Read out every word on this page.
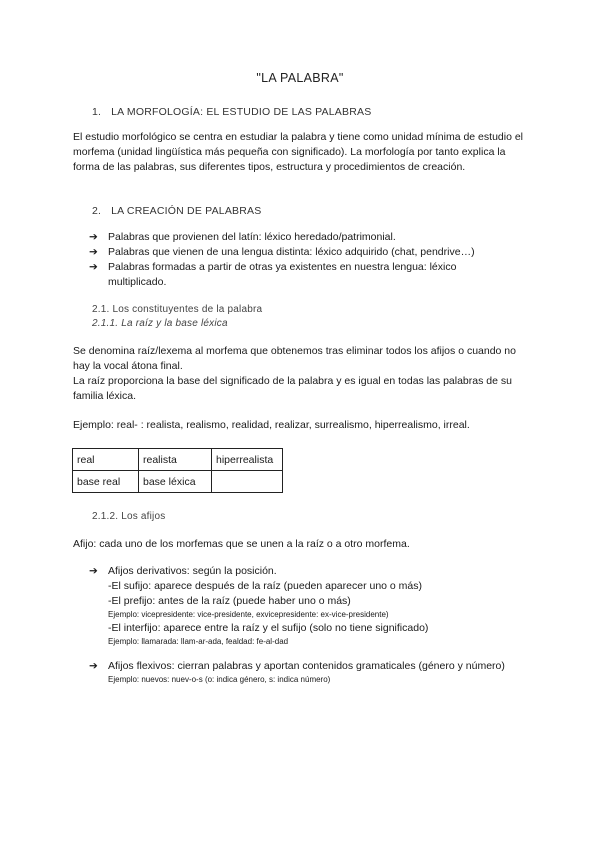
"LA PALABRA"
1. LA MORFOLOGÍA: EL ESTUDIO DE LAS PALABRAS

El estudio morfológico se centra en estudiar la palabra y tiene como unidad mínima de estudio el morfema (unidad lingüística más pequeña con significado). La morfología por tanto explica la forma de las palabras, sus diferentes tipos, estructura y procedimientos de creación.

2. LA CREACIÓN DE PALABRAS
➔ Palabras que provienen del latín: léxico heredado/patrimonial.
➔ Palabras que vienen de una lengua distinta: léxico adquirido (chat, pendrive…)
➔ Palabras formadas a partir de otras ya existentes en nuestra lengua: léxico multiplicado.
2.1. Los constituyentes de la palabra
2.1.1. La raíz y la base léxica

Se denomina raíz/lexema al morfema que obtenemos tras eliminar todos los afijos o cuando no hay la vocal átona final.

La raíz proporciona la base del significado de la palabra y es igual en todas las palabras de su familia léxica.

Ejemplo: real- : realista, realismo, realidad, realizar, surrealismo, hiperrealismo, irreal.

real	realista	hiperrealista
base real	base léxica	
2.1.2. Los afijos

Afijo: cada uno de los morfemas que se unen a la raíz o a otro morfema.

➔ Afijos derivativos: según la posición.
-El sufijo: aparece después de la raíz (pueden aparecer uno o más)
-El prefijo: antes de la raíz (puede haber uno o más)
Ejemplo: vicepresidente: vice-presidente, exvicepresidente: ex-vice-presidente)
-El interfijo: aparece entre la raíz y el sufijo (solo no tiene significado)
Ejemplo: llamarada: llam-ar-ada, fealdad: fe-al-dad
➔ Afijos flexivos: cierran palabras y aportan contenidos gramaticales (género y número)
Ejemplo: nuevos: nuev-o-s (o: indica género, s: indica número)
